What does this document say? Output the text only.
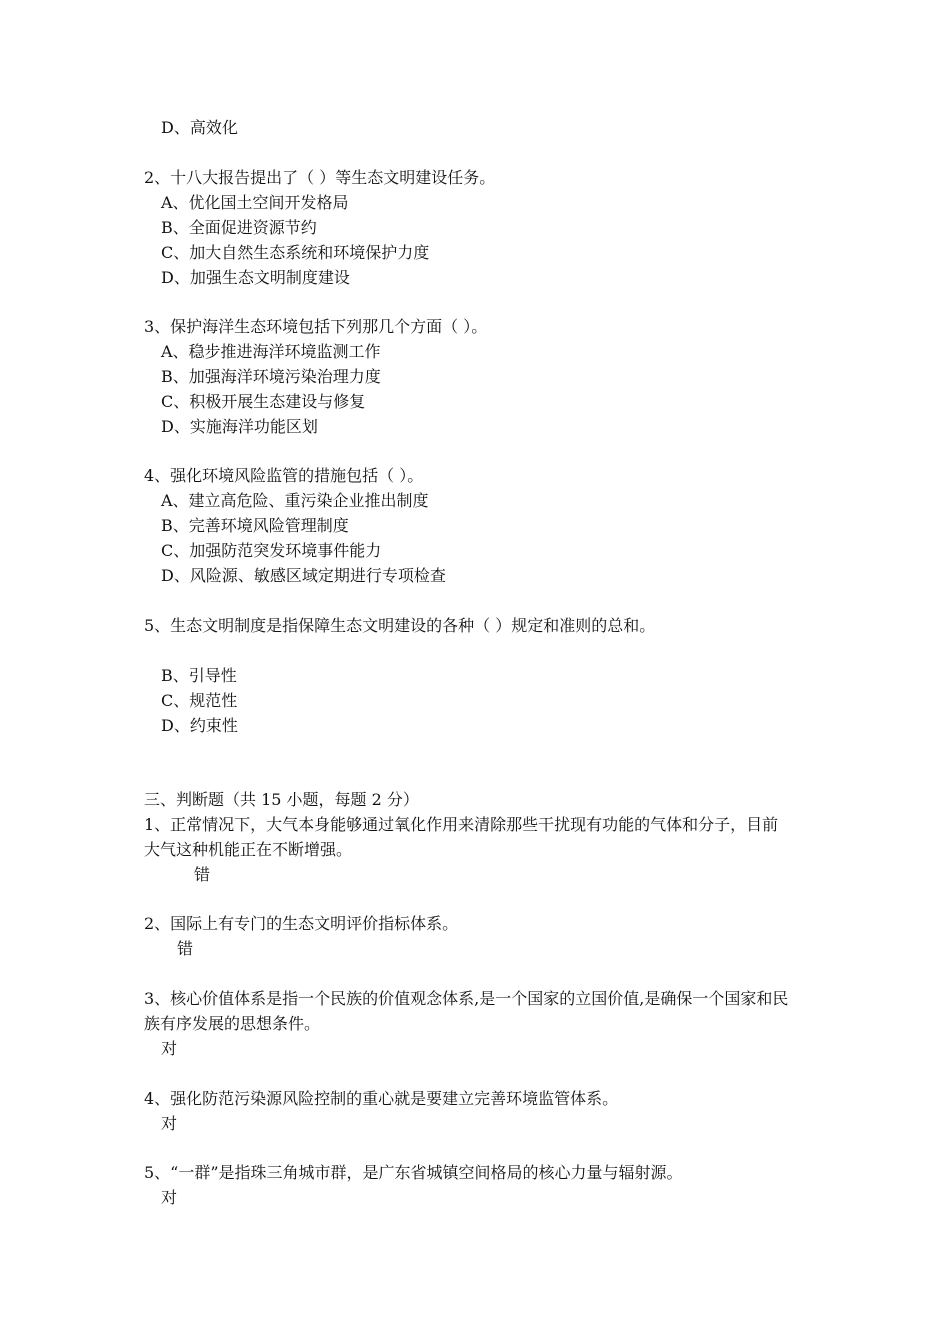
D、高效化
2、十八大报告提出了（ ）等生态文明建设任务。
A、优化国土空间开发格局
B、全面促进资源节约
C、加大自然生态系统和环境保护力度
D、加强生态文明制度建设
3、保护海洋生态环境包括下列那几个方面（ ）。
A、稳步推进海洋环境监测工作
B、加强海洋环境污染治理力度
C、积极开展生态建设与修复
D、实施海洋功能区划
4、强化环境风险监管的措施包括（ ）。
A、建立高危险、重污染企业推出制度
B、完善环境风险管理制度
C、加强防范突发环境事件能力
D、风险源、敏感区域定期进行专项检查
5、生态文明制度是指保障生态文明建设的各种（ ）规定和准则的总和。
B、引导性
C、规范性
D、约束性
三、判断题（共 15 小题，每题 2 分）
1、正常情况下，大气本身能够通过氧化作用来清除那些干扰现有功能的气体和分子，目前
大气这种机能正在不断增强。
错
2、国际上有专门的生态文明评价指标体系。
错
3、核心价值体系是指一个民族的价值观念体系,是一个国家的立国价值,是确保一个国家和民
族有序发展的思想条件。
对
4、强化防范污染源风险控制的重心就是要建立完善环境监管体系。
对
5、“一群”是指珠三角城市群，是广东省城镇空间格局的核心力量与辐射源。
对
